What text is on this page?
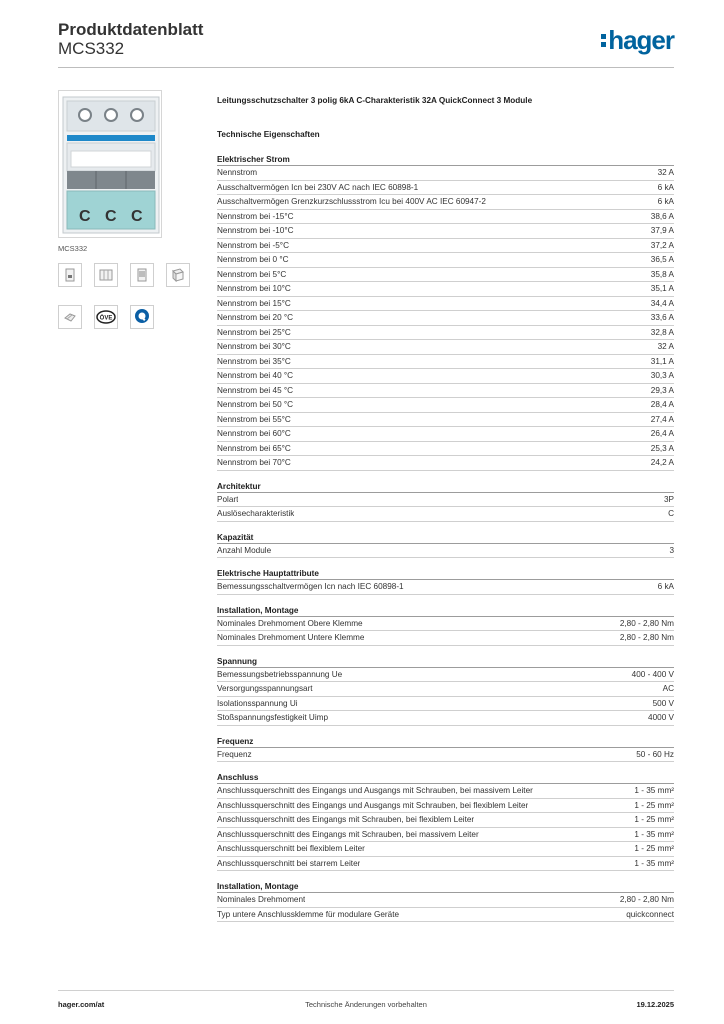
Produktdatenblatt
MCS332	hager
C C C
MCS332
ÖVE
Leitungsschutzschalter 3 polig 6kA C-Charakteristik 32A QuickConnect 3 Module
Technische Eigenschaften
Elektrischer Strom
Nennstrom	32 A
Ausschaltvermögen Icn bei 230V AC nach IEC 60898-1	6 kA
Ausschaltvermögen Grenzkurzschlussstrom Icu bei 400V AC IEC 60947-2	6 kA
Nennstrom bei -15°C	38,6 A
Nennstrom bei -10°C	37,9 A
Nennstrom bei -5°C	37,2 A
Nennstrom bei 0 °C	36,5 A
Nennstrom bei 5°C	35,8 A
Nennstrom bei 10°C	35,1 A
Nennstrom bei 15°C	34,4 A
Nennstrom bei 20 °C	33,6 A
Nennstrom bei 25°C	32,8 A
Nennstrom bei 30°C	32 A
Nennstrom bei 35°C	31,1 A
Nennstrom bei 40 °C	30,3 A
Nennstrom bei 45 °C	29,3 A
Nennstrom bei 50 °C	28,4 A
Nennstrom bei 55°C	27,4 A
Nennstrom bei 60°C	26,4 A
Nennstrom bei 65°C	25,3 A
Nennstrom bei 70°C	24,2 A
Architektur
Polart	3P
Auslösecharakteristik	C
Kapazität
Anzahl Module	3
Elektrische Hauptattribute
Bemessungsschaltvermögen Icn nach IEC 60898-1	6 kA
Installation, Montage
Nominales Drehmoment Obere Klemme	2,80 - 2,80 Nm
Nominales Drehmoment Untere Klemme	2,80 - 2,80 Nm
Spannung
Bemessungsbetriebsspannung Ue	400 - 400 V
Versorgungsspannungsart	AC
Isolationsspannung Ui	500 V
Stoßspannungsfestigkeit Uimp	4000 V
Frequenz
Frequenz	50 - 60 Hz
Anschluss
Anschlussquerschnitt des Eingangs und Ausgangs mit Schrauben, bei massivem Leiter	1 - 35 mm²
Anschlussquerschnitt des Eingangs und Ausgangs mit Schrauben, bei flexiblem Leiter	1 - 25 mm²
Anschlussquerschnitt des Eingangs mit Schrauben, bei flexiblem Leiter	1 - 25 mm²
Anschlussquerschnitt des Eingangs mit Schrauben, bei massivem Leiter	1 - 35 mm²
Anschlussquerschnitt bei flexiblem Leiter	1 - 25 mm²
Anschlussquerschnitt bei starrem Leiter	1 - 35 mm²
Installation, Montage
Nominales Drehmoment	2,80 - 2,80 Nm
Typ untere Anschlussklemme für modulare Geräte	quickconnect
hager.com/at	Technische Änderungen vorbehalten	19.12.2025
